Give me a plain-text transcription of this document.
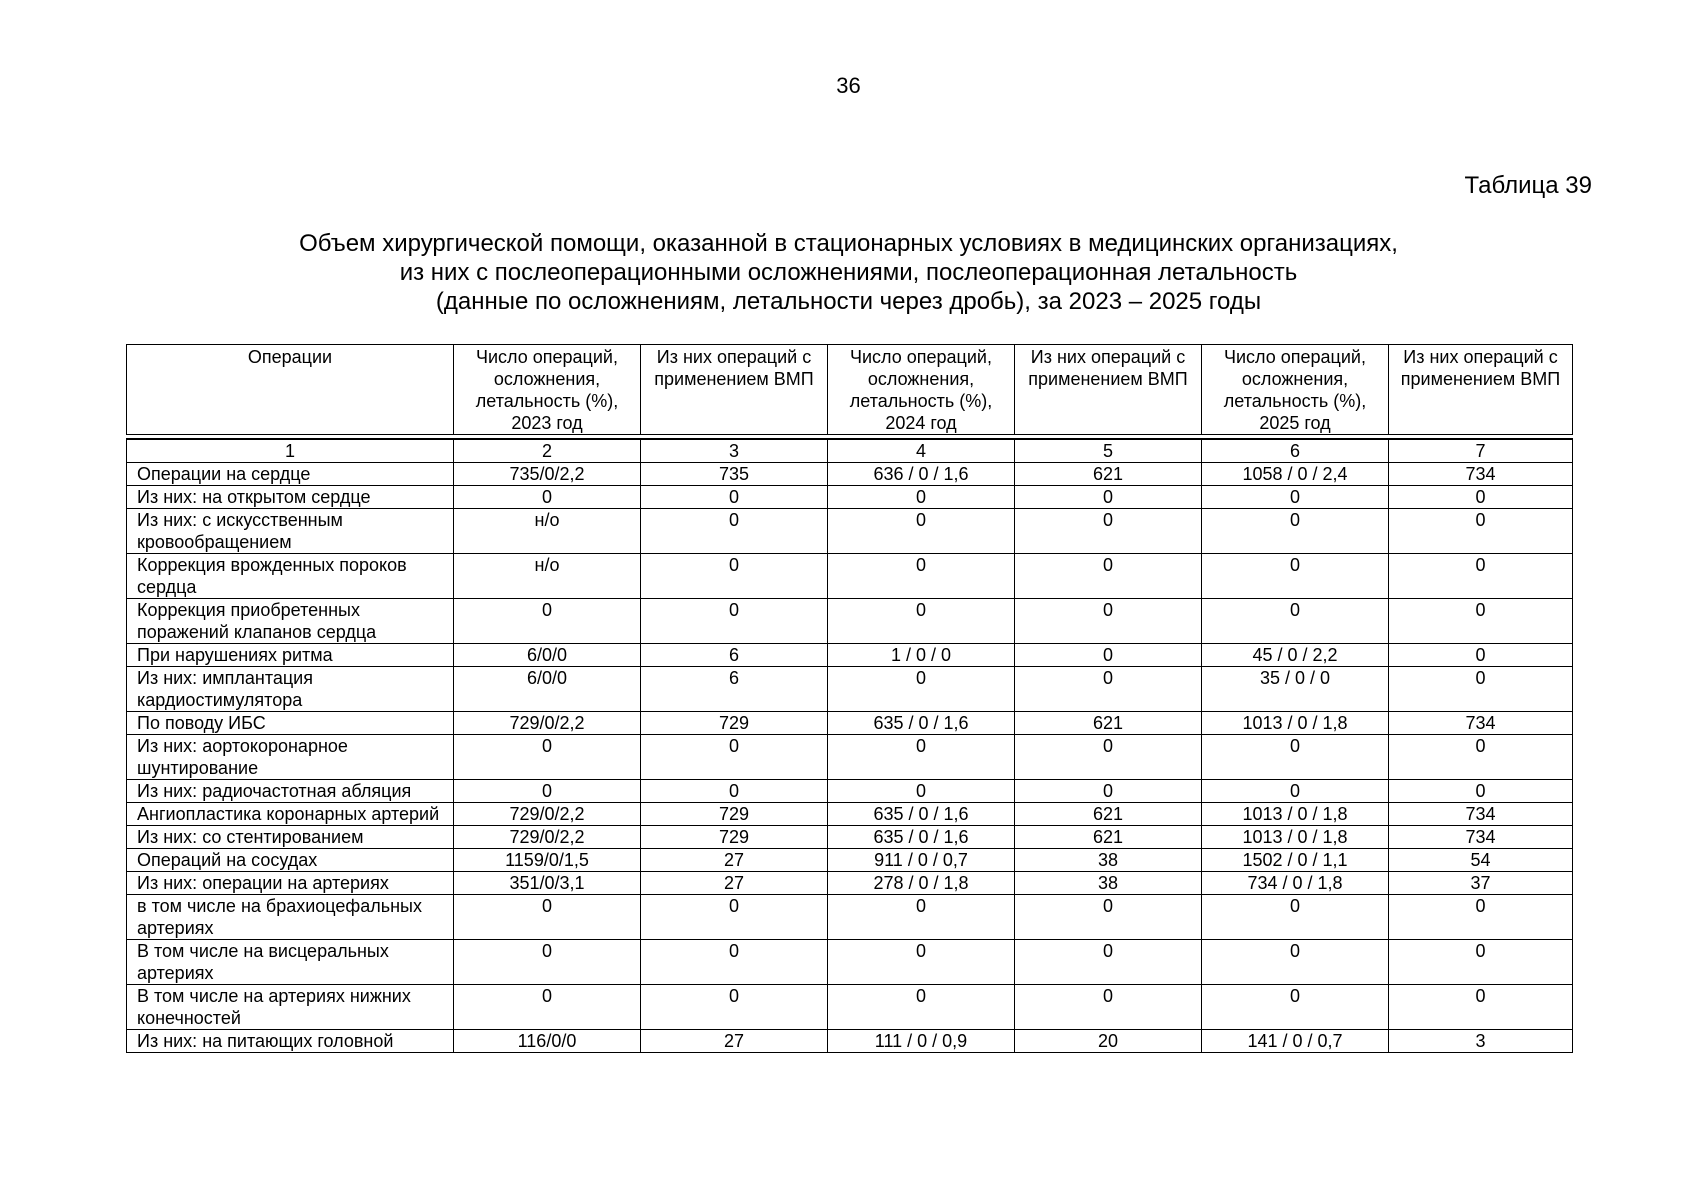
36
Таблица 39
Объем хирургической помощи, оказанной в стационарных условиях в медицинских организациях,
из них с послеоперационными осложнениями, послеоперационная летальность
(данные по осложнениям, летальности через дробь), за 2023 – 2025 годы
Операции	Число операций, осложнения, летальность (%), 2023 год	Из них операций с применением ВМП	Число операций, осложнения, летальность (%), 2024 год	Из них операций с применением ВМП	Число операций, осложнения, летальность (%), 2025 год	Из них операций с применением ВМП

1	2	3	4	5	6	7
Операции на сердце	735/0/2,2	735	636 / 0 / 1,6	621	1058 / 0 / 2,4	734
Из них: на открытом сердце	0	0	0	0	0	0
Из них: с искусственным кровообращением	н/о	0	0	0	0	0
Коррекция врожденных пороков сердца	н/о	0	0	0	0	0
Коррекция приобретенных поражений клапанов сердца	0	0	0	0	0	0
При нарушениях ритма	6/0/0	6	1 / 0 / 0	0	45 / 0 / 2,2	0
Из них: имплантация кардиостимулятора	6/0/0	6	0	0	35 / 0 / 0	0
По поводу ИБС	729/0/2,2	729	635 / 0 / 1,6	621	1013 / 0 / 1,8	734
Из них: аортокоронарное шунтирование	0	0	0	0	0	0
Из них: радиочастотная абляция	0	0	0	0	0	0
Ангиопластика коронарных артерий	729/0/2,2	729	635 / 0 / 1,6	621	1013 / 0 / 1,8	734
Из них: со стентированием	729/0/2,2	729	635 / 0 / 1,6	621	1013 / 0 / 1,8	734
Операций на сосудах	1159/0/1,5	27	911 / 0 / 0,7	38	1502 / 0 / 1,1	54
Из них: операции на артериях	351/0/3,1	27	278 / 0 / 1,8	38	734 / 0 / 1,8	37
в том числе на брахиоцефальных артериях	0	0	0	0	0	0
В том числе на висцеральных артериях	0	0	0	0	0	0
В том числе на артериях нижних конечностей	0	0	0	0	0	0
Из них: на питающих головной	116/0/0	27	111 / 0 / 0,9	20	141 / 0 / 0,7	3
